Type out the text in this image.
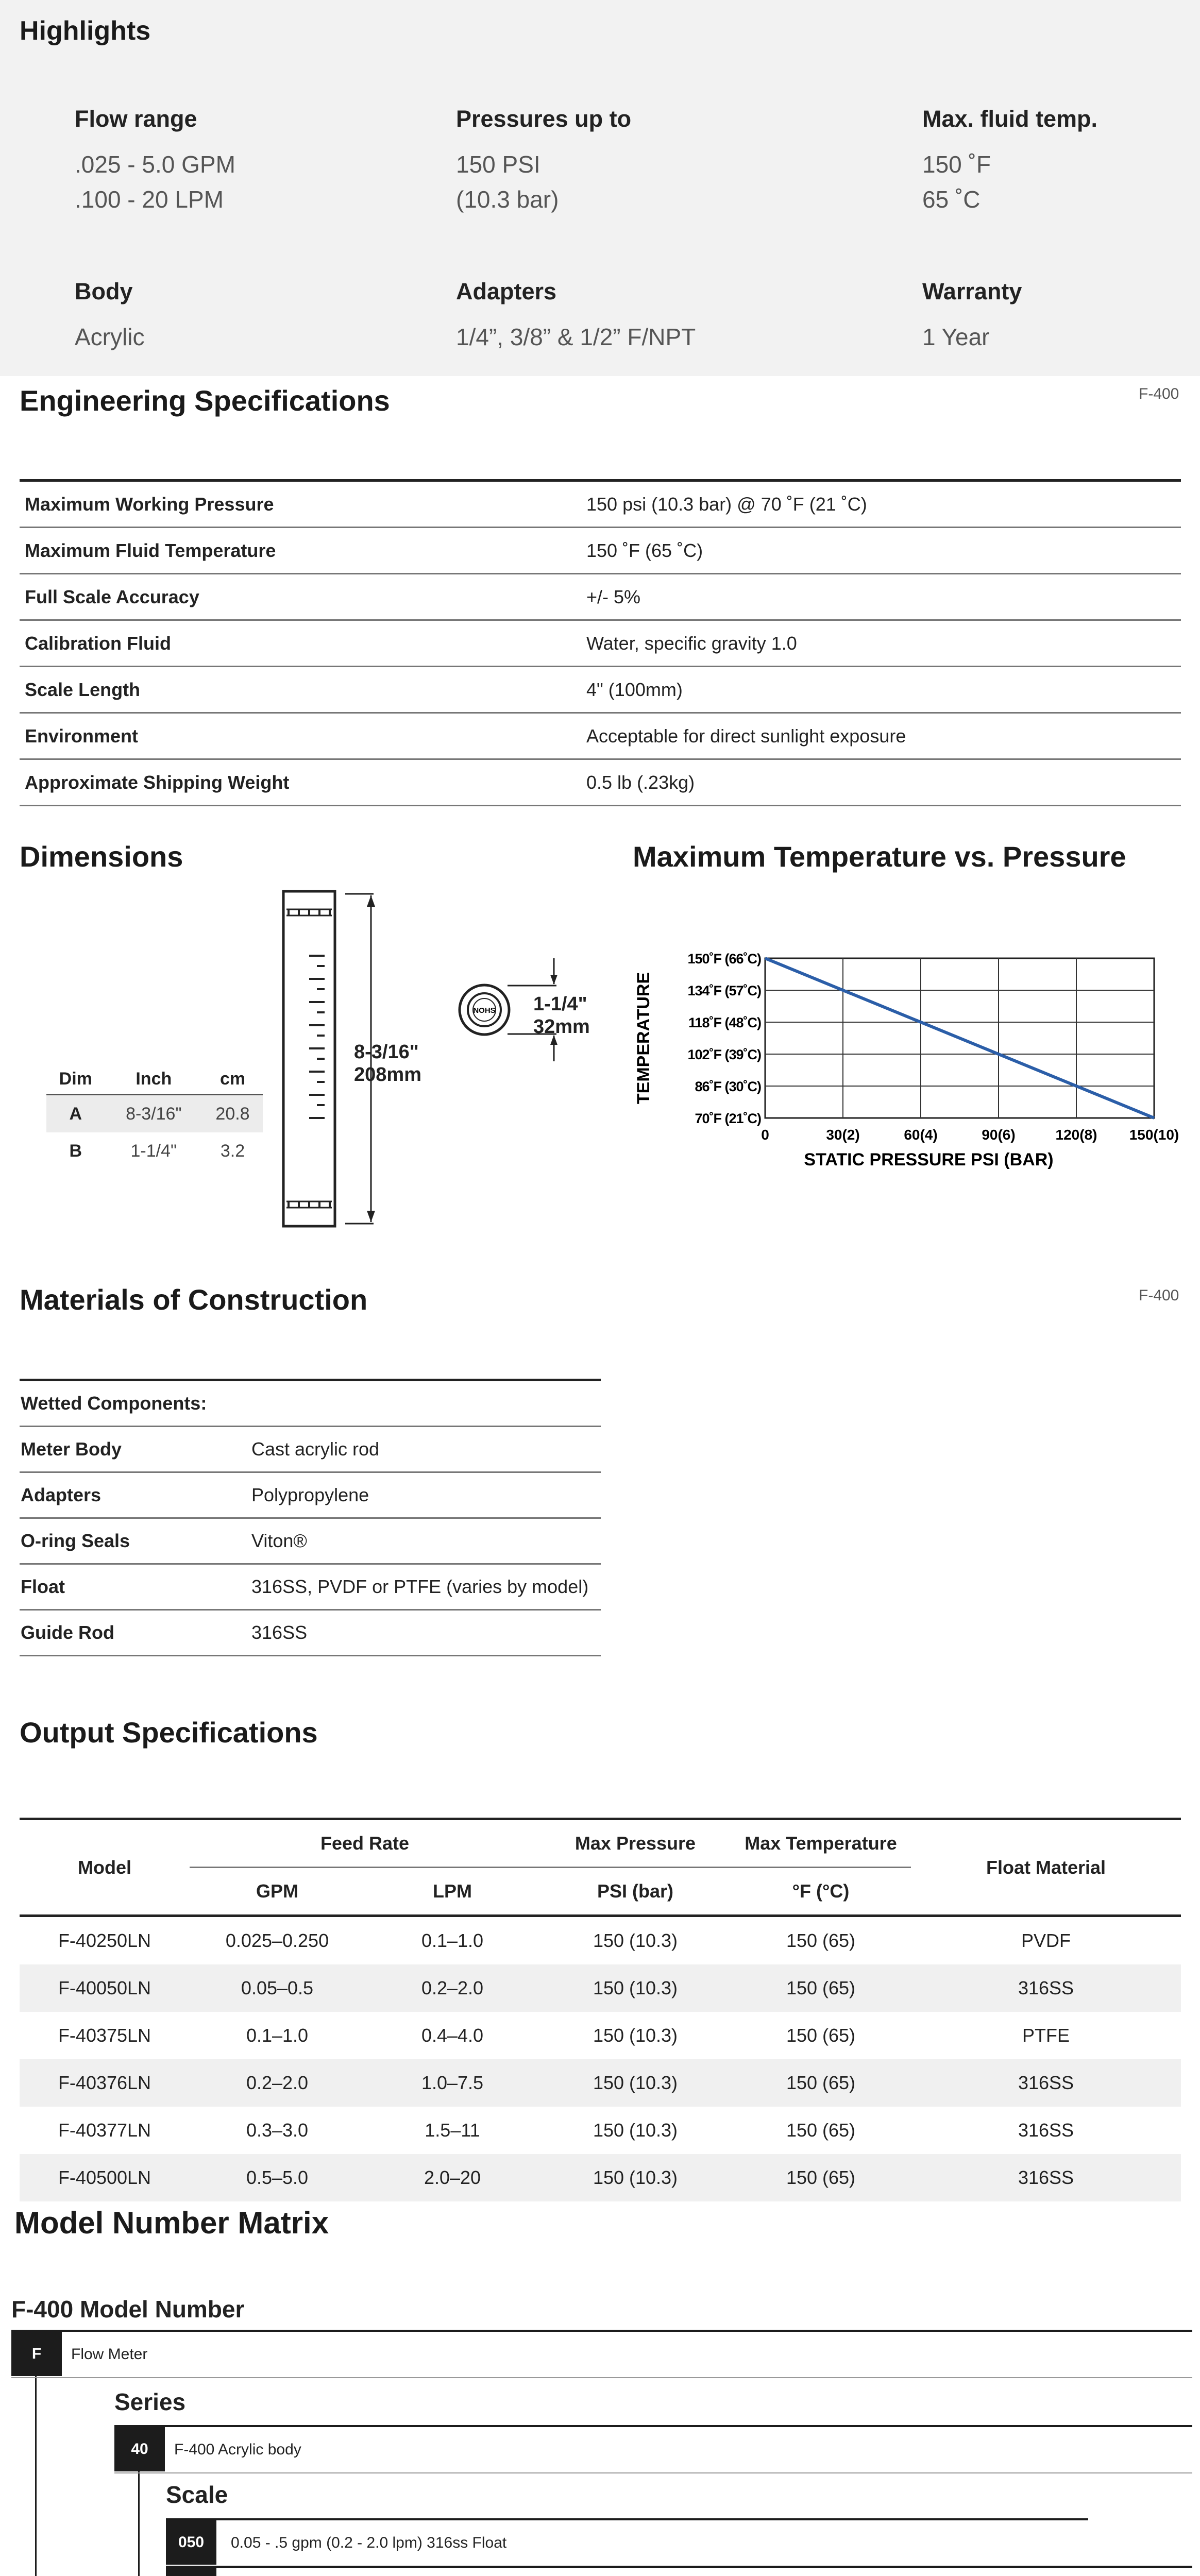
Highlights
Flow range
.025 - 5.0 GPM
.100 - 20 LPM
Pressures up to
150 PSI
(10.3 bar)
Max. fluid temp.
150 ˚F
65 ˚C
Body
Acrylic
Adapters
1/4”, 3/8” & 1/2” F/NPT
Warranty
1 Year
Engineering Specifications	F-400
Maximum Working Pressure	150 psi (10.3 bar) @ 70 ˚F (21 ˚C)
Maximum Fluid Temperature	150 ˚F (65 ˚C)
Full Scale Accuracy	+/- 5%
Calibration Fluid	Water, specific gravity 1.0
Scale Length	4" (100mm)
Environment	Acceptable for direct sunlight exposure
Approximate Shipping Weight	0.5 lb (.23kg)
Dimensions
Dim	Inch	cm
A	8-3/16"	20.8
B	1-1/4"	3.2
NOHS
8-3/16"
208mm
1-1/4"
32mm
Maximum Temperature vs. Pressure
150˚F (66˚C)
134˚F (57˚C)
118˚F (48˚C)
102˚F (39˚C)
86˚F (30˚C)
70˚F (21˚C)
0	30(2)	60(4)	90(6)	120(8) 150(10)
STATIC PRESSURE PSI (BAR)
TEMPERATURE
Materials of Construction	F-400
Wetted Components:	
Meter Body	Cast acrylic rod
Adapters	Polypropylene
O-ring Seals	Viton®
Float	316SS, PVDF or PTFE (varies by model)
Guide Rod	316SS
Output Specifications
Model	Feed Rate		Max Pressure	Max Temperature	Float Material
	GPM	LPM	PSI (bar)	°F (°C)	
F-40250LN	0.025–0.250	0.1–1.0	150 (10.3)	150 (65)	PVDF
F-40050LN	0.05–0.5	0.2–2.0	150 (10.3)	150 (65)	316SS
F-40375LN	0.1–1.0	0.4–4.0	150 (10.3)	150 (65)	PTFE
F-40376LN	0.2–2.0	1.0–7.5	150 (10.3)	150 (65)	316SS
F-40377LN	0.3–3.0	1.5–11	150 (10.3)	150 (65)	316SS
F-40500LN	0.5–5.0	2.0–20	150 (10.3)	150 (65)	316SS
Model Number Matrix
F-400 Model Number
F	Flow Meter
Series
40	F-400 Acrylic body
Scale
050	0.05 - .5 gpm (0.2 - 2.0 lpm) 316ss Float
